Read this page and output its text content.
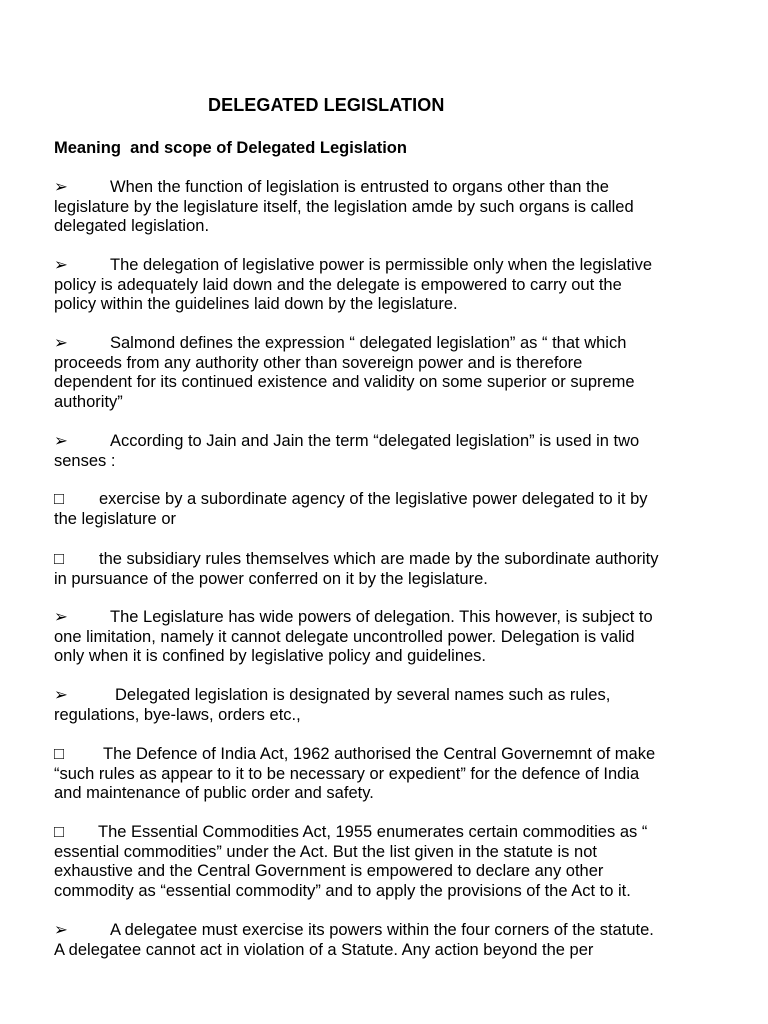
DELEGATED LEGISLATION
Meaning  and scope of Delegated Legislation
➢	When the function of legislation is entrusted to organs other than the
legislature by the legislature itself, the legislation amde by such organs is called
delegated legislation.
➢	The delegation of legislative power is permissible only when the legislative
policy is adequately laid down and the delegate is empowered to carry out the
policy within the guidelines laid down by the legislature.
➢	Salmond defines the expression “ delegated legislation” as “ that which
proceeds from any authority other than sovereign power and is therefore
dependent for its continued existence and validity on some superior or supreme
authority”
➢	According to Jain and Jain the term “delegated legislation” is used in two
senses :
□ exercise by a subordinate agency of the legislative power delegated to it by
the legislature or
□ the subsidiary rules themselves which are made by the subordinate authority
in pursuance of the power conferred on it by the legislature.
➢	The Legislature has wide powers of delegation. This however, is subject to
one limitation, namely it cannot delegate uncontrolled power. Delegation is valid
only when it is confined by legislative policy and guidelines.
➢	Delegated legislation is designated by several names such as rules,
regulations, bye-laws, orders etc.,
□ The Defence of India Act, 1962 authorised the Central Governemnt of make
“such rules as appear to it to be necessary or expedient” for the defence of India
and maintenance of public order and safety.
□ The Essential Commodities Act, 1955 enumerates certain commodities as “
essential commodities” under the Act. But the list given in the statute is not
exhaustive and the Central Government is empowered to declare any other
commodity as “essential commodity” and to apply the provisions of the Act to it.
➢	A delegatee must exercise its powers within the four corners of the statute.
A delegatee cannot act in violation of a Statute. Any action beyond the per
